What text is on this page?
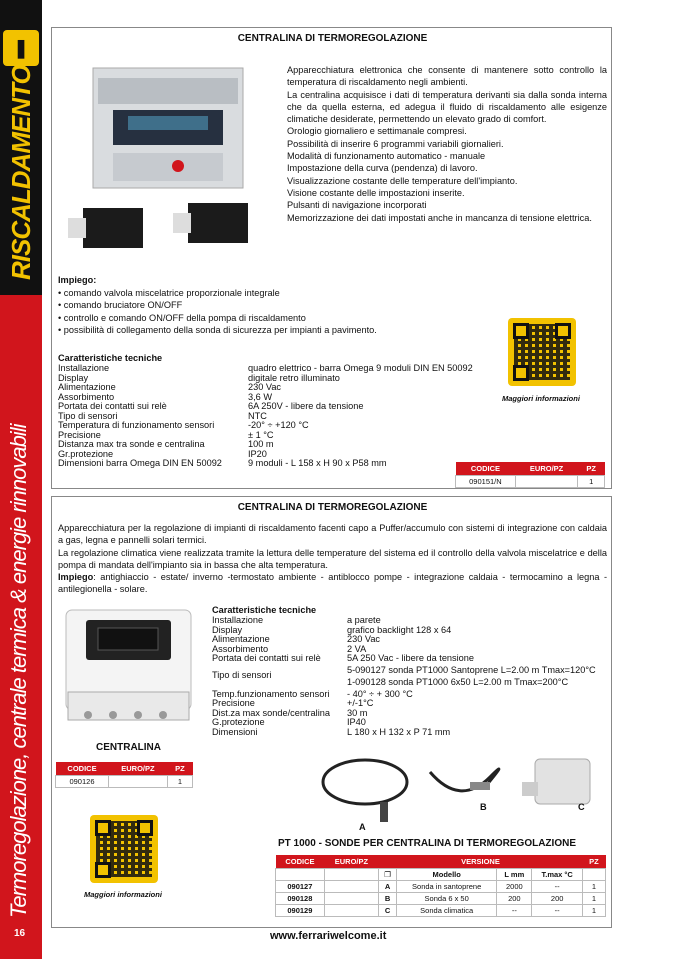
❚
RISCALDAMENTO
Termoregolazione, centrale termica & energie rinnovabili
16
CENTRALINA DI TERMOREGOLAZIONE
Apparecchiatura elettronica che consente di mantenere sotto controllo la temperatura di riscaldamento negli ambienti.
La centralina acquisisce i dati di temperatura derivanti sia dalla sonda interna che da quella esterna, ed adegua il fluido di riscaldamento alle esigenze climatiche desiderate, permettendo un elevato grado di comfort.
Orologio giornaliero e settimanale compresi.
Possibilità di inserire 6 programmi variabili giornalieri.
Modalità di funzionamento automatico - manuale
Impostazione della curva (pendenza) di lavoro.
Visualizzazione costante delle temperature dell'impianto.
Visione costante delle impostazioni inserite.
Pulsanti di navigazione incorporati
Memorizzazione dei dati impostati anche in mancanza di tensione elettrica.
Impiego:
• comando valvola miscelatrice proporzionale integrale
• comando bruciatore ON/OFF
• controllo e comando ON/OFF della pompa di riscaldamento
• possibilità di collegamento della sonda di sicurezza per impianti a pavimento.
Caratteristiche tecniche
Installazione	quadro elettrico - barra Omega 9 moduli DIN EN 50092
Display	digitale retro illuminato
Alimentazione	230 Vac
Assorbimento	3,6 W
Portata dei contatti sui relè	6A 250V - libere da tensione
Tipo di sensori	NTC
Temperatura di funzionamento sensori	-20° ÷ +120 °C
Precisione	± 1 °C
Distanza max tra sonde e centralina	100 m
Gr.protezione	IP20
Dimensioni barra Omega DIN EN 50092	9 moduli - L 158 x H 90 x P58 mm
Maggiori informazioni
CODICE	EURO/PZ	PZ
090151/N		1
CENTRALINA DI TERMOREGOLAZIONE
Apparecchiatura per la regolazione di impianti di riscaldamento facenti capo a Puffer/accumulo con sistemi di integrazione con caldaia a gas, legna e pannelli solari termici.
La regolazione climatica viene realizzata tramite la lettura delle temperature del sistema ed il controllo della valvola miscelatrice e della pompa di mandata dell'impianto sia in bassa che alta temperatura.
Impiego: antighiaccio - estate/ inverno -termostato ambiente - antiblocco pompe - integrazione caldaia - termocamino a legna - antilegionella - solare.
CENTRALINA
CODICE	EURO/PZ	PZ
090126		1
Caratteristiche tecniche
Installazione	a parete
Display	grafico backlight 128 x 64
Alimentazione	230 Vac
Assorbimento	2 VA
Portata dei contatti sui relè	5A 250 Vac - libere da tensione
Tipo di sensori	5-090127 sonda PT1000 Santoprene L=2.00 m Tmax=120°C
1-090128 sonda PT1000 6x50 L=2.00 m Tmax=200°C
Temp.funzionamento sensori	- 40° ÷ + 300 °C
Precisione	+/-1°C
Dist.za max sonde/centralina	30 m
G.protezione	IP40
Dimensioni	L 180 x H 132 x P 71 mm
Maggiori informazioni
A
B	C
PT 1000 - SONDE PER CENTRALINA DI TERMOREGOLAZIONE
CODICE	EURO/PZ	VERSIONE				PZ
		❐	Modello	L mm	T.max °C	
090127		A	Sonda in santoprene	2000	--	1
090128		B	Sonda 6 x 50	200	200	1
090129		C	Sonda climatica	--	--	1
www.ferrariwelcome.it
